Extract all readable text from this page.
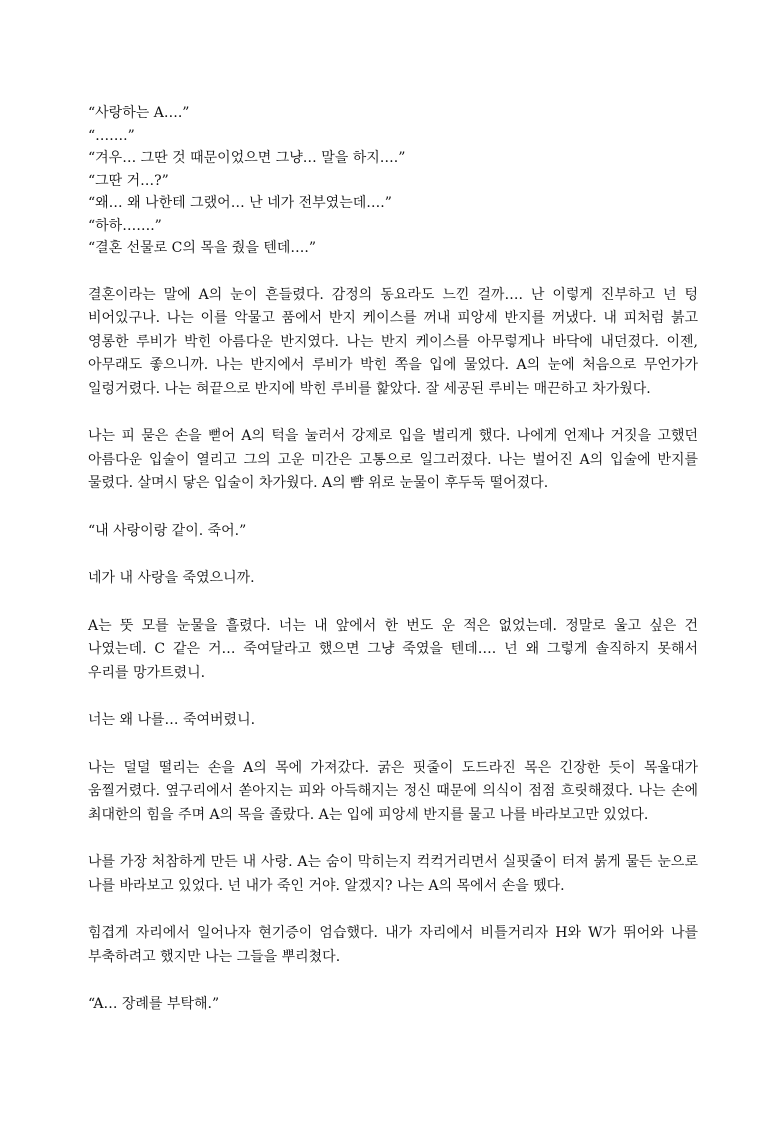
“사랑하는 A….”

“…….”

“겨우… 그딴 것 때문이었으면 그냥… 말을 하지….”

“그딴 거…?”

“왜… 왜 나한테 그랬어… 난 네가 전부였는데….”

“하하…….”

“결혼 선물로 C의 목을 줬을 텐데….”

결혼이라는 말에 A의 눈이 흔들렸다. 감정의 동요라도 느낀 걸까…. 난 이렇게 진부하고 넌 텅 비어있구나. 나는 이를 악물고 품에서 반지 케이스를 꺼내 피앙세 반지를 꺼냈다. 내 피처럼 붉고 영롱한 루비가 박힌 아름다운 반지였다. 나는 반지 케이스를 아무렇게나 바닥에 내던졌다. 이젠, 아무래도 좋으니까. 나는 반지에서 루비가 박힌 쪽을 입에 물었다. A의 눈에 처음으로 무언가가 일렁거렸다. 나는 혀끝으로 반지에 박힌 루비를 핥았다. 잘 세공된 루비는 매끈하고 차가웠다.

나는 피 묻은 손을 뻗어 A의 턱을 눌러서 강제로 입을 벌리게 했다. 나에게 언제나 거짓을 고했던 아름다운 입술이 열리고 그의 고운 미간은 고통으로 일그러졌다. 나는 벌어진 A의 입술에 반지를 물렸다. 살며시 닿은 입술이 차가웠다. A의 뺨 위로 눈물이 후두둑 떨어졌다.

“내 사랑이랑 같이. 죽어.”

네가 내 사랑을 죽였으니까.

A는 뚯 모를 눈물을 흘렸다. 너는 내 앞에서 한 번도 운 적은 없었는데. 정말로 울고 싶은 건 나였는데. C 같은 거… 죽여달라고 했으면 그냥 죽였을 텐데…. 넌 왜 그렇게 솔직하지 못해서 우리를 망가트렸니.

너는 왜 나를… 죽여버렸니.

나는 덜덜 떨리는 손을 A의 목에 가져갔다. 굵은 핏줄이 도드라진 목은 긴장한 듯이 목울대가 움찔거렸다. 옆구리에서 쏟아지는 피와 아득해지는 정신 때문에 의식이 점점 흐릿해졌다. 나는 손에 최대한의 힘을 주며 A의 목을 졸랐다. A는 입에 피앙세 반지를 물고 나를 바라보고만 있었다.

나를 가장 처참하게 만든 내 사랑. A는 숨이 막히는지 컥컥거리면서 실핏줄이 터져 붉게 물든 눈으로 나를 바라보고 있었다. 넌 내가 죽인 거야. 알겠지? 나는 A의 목에서 손을 뗐다.

힘겹게 자리에서 일어나자 현기증이 엄습했다. 내가 자리에서 비틀거리자 H와 W가 뛰어와 나를 부축하려고 했지만 나는 그들을 뿌리쳤다.

“A… 장례를 부탁해.”
